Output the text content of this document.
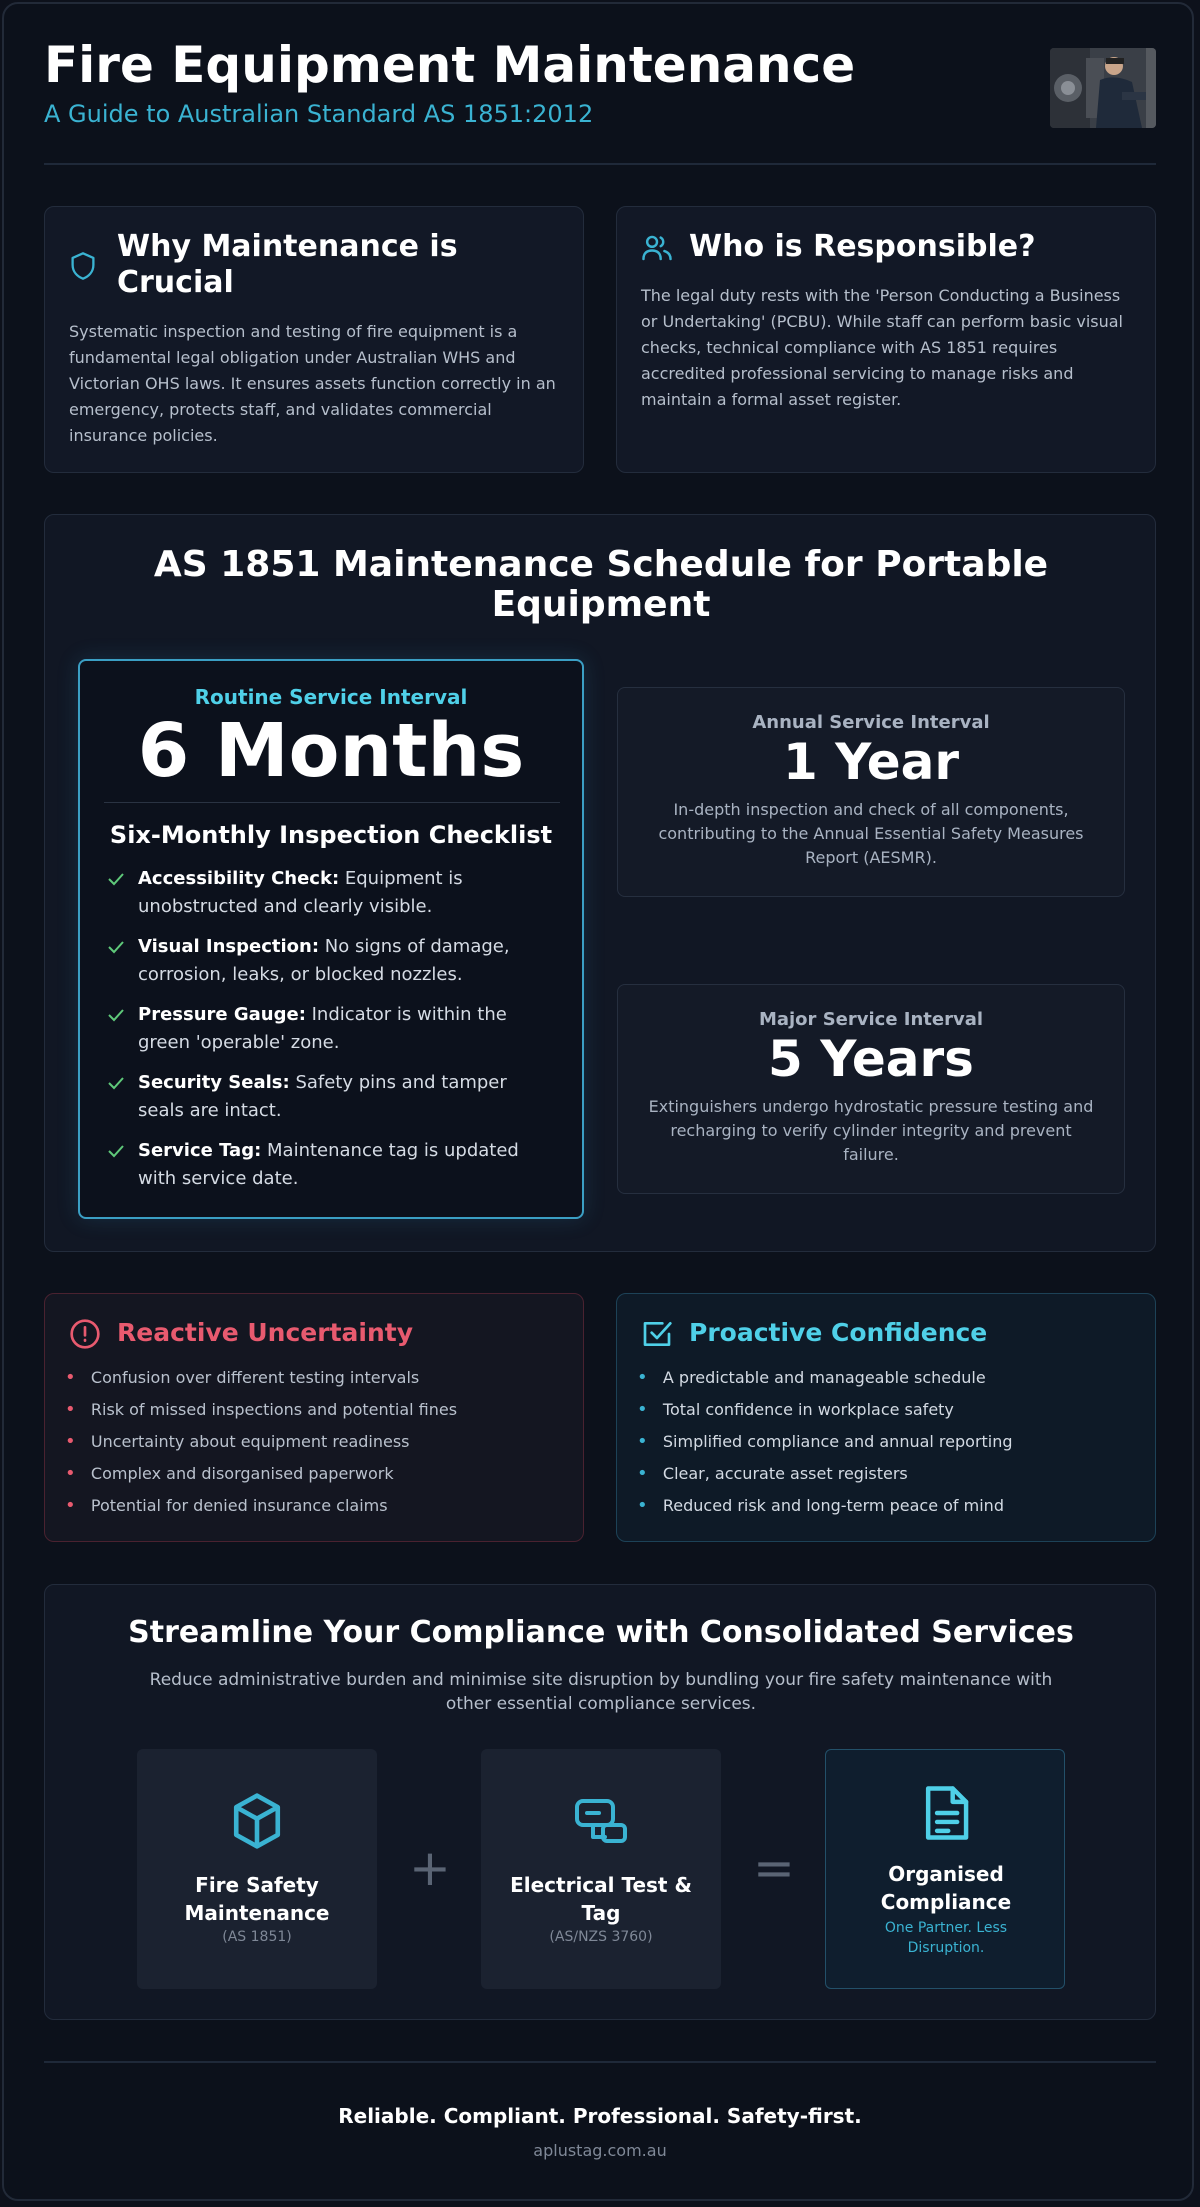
Fire Equipment Maintenance
A Guide to Australian Standard AS 1851:2012
Why Maintenance is
Crucial
Systematic inspection and testing of fire equipment is a fundamental legal obligation under Australian WHS and Victorian OHS laws. It ensures assets function correctly in an emergency, protects staff, and validates commercial insurance policies.
Who is Responsible?
The legal duty rests with the 'Person Conducting a Business or Undertaking' (PCBU). While staff can perform basic visual checks, technical compliance with AS 1851 requires accredited professional servicing to manage risks and maintain a formal asset register.
AS 1851 Maintenance Schedule for Portable
Equipment
Routine Service Interval
6 Months
Six-Monthly Inspection Checklist
Accessibility Check: Equipment is
unobstructed and clearly visible.
Visual Inspection: No signs of damage,
corrosion, leaks, or blocked nozzles.
Pressure Gauge: Indicator is within the
green 'operable' zone.
Security Seals: Safety pins and tamper
seals are intact.
Service Tag: Maintenance tag is updated
with service date.
Annual Service Interval
1 Year
In-depth inspection and check of all components,
contributing to the Annual Essential Safety Measures
Report (AESMR).
Major Service Interval
5 Years
Extinguishers undergo hydrostatic pressure testing and
recharging to verify cylinder integrity and prevent
failure.
Reactive Uncertainty
• Confusion over different testing intervals
• Risk of missed inspections and potential fines
• Uncertainty about equipment readiness
• Complex and disorganised paperwork
• Potential for denied insurance claims
Proactive Confidence
• A predictable and manageable schedule
• Total confidence in workplace safety
• Simplified compliance and annual reporting
• Clear, accurate asset registers
• Reduced risk and long-term peace of mind
Streamline Your Compliance with Consolidated Services
Reduce administrative burden and minimise site disruption by bundling your fire safety maintenance with
other essential compliance services.
Fire Safety
Maintenance
(AS 1851)
+	Electrical Test &
Tag
(AS/NZS 3760)
=	Organised
Compliance
One Partner. Less
Disruption.
Reliable. Compliant. Professional. Safety-first.
aplustag.com.au
